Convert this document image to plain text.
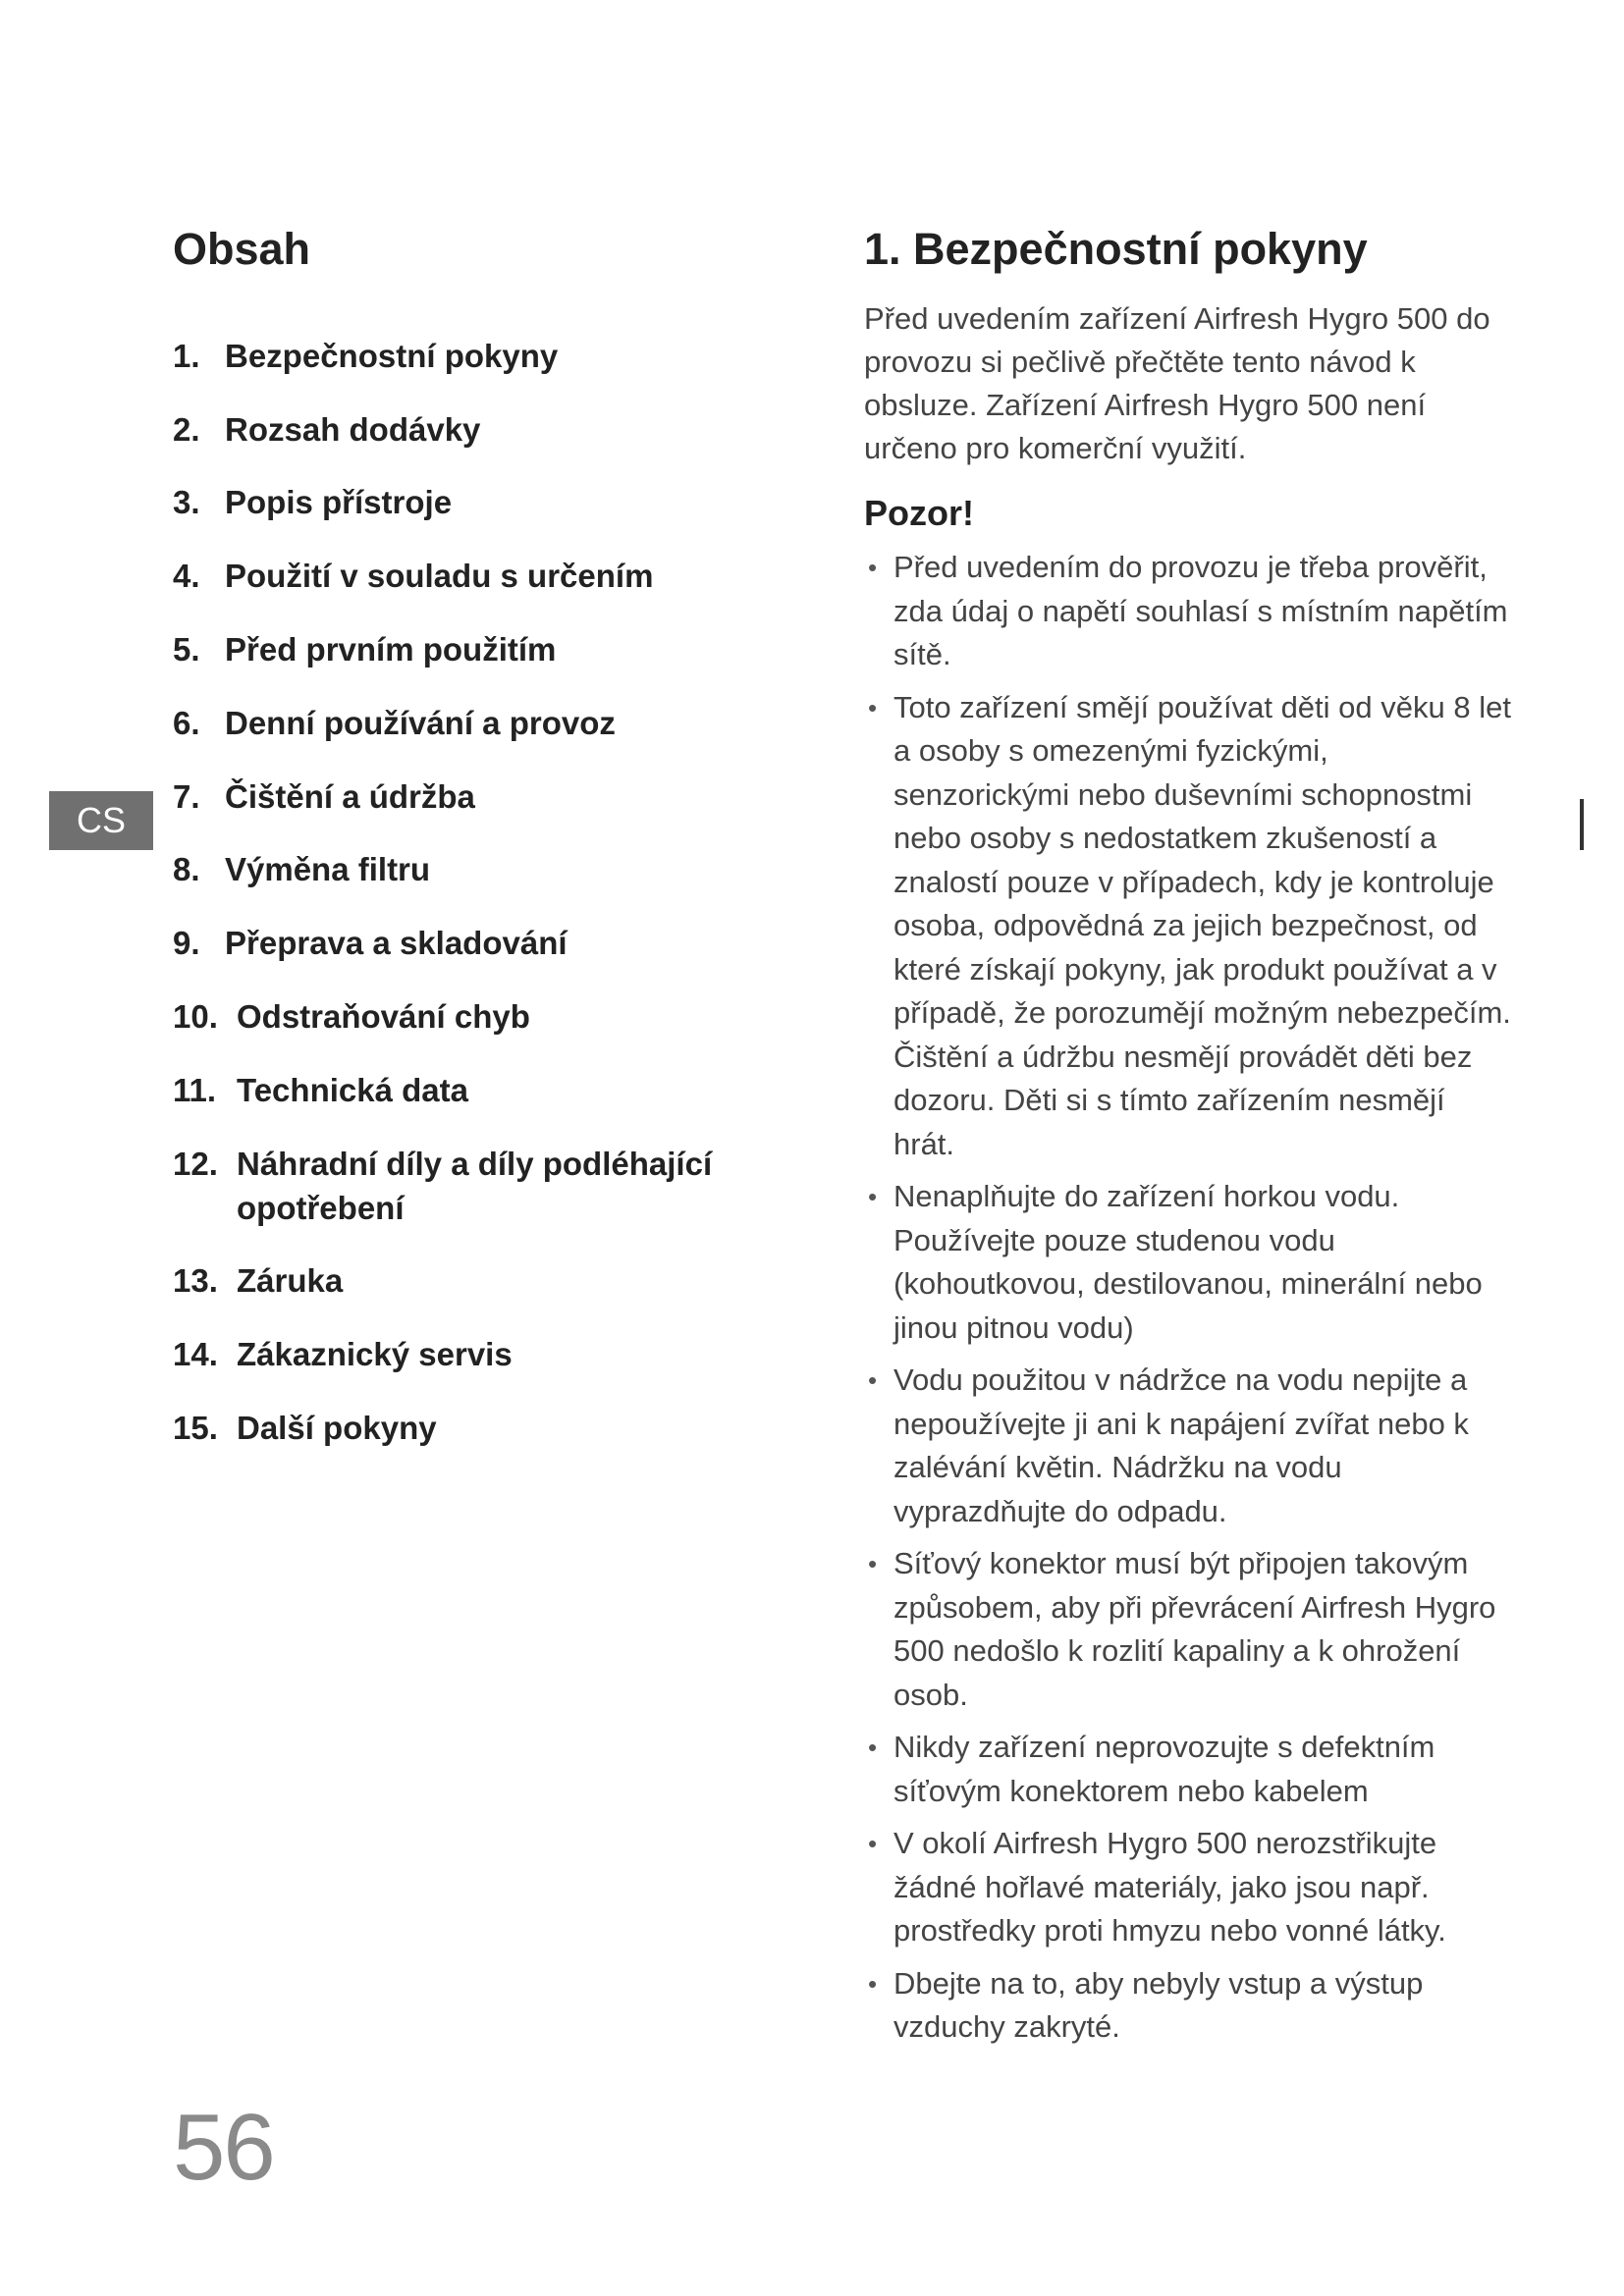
Obsah
1. Bezpečnostní pokyny
2. Rozsah dodávky
3. Popis přístroje
4. Použití v souladu s určením
5. Před prvním použitím
6. Denní používání a provoz
7. Čištění a údržba
8. Výměna filtru
9. Přeprava a skladování
10. Odstraňování chyb
11. Technická data
12. Náhradní díly a díly podléhající opotřebení
13. Záruka
14. Zákaznický servis
15. Další pokyny
CS
1. Bezpečnostní pokyny

Před uvedením zařízení Airfresh Hygro 500 do provozu si pečlivě přečtěte tento návod k obsluze. Zařízení Airfresh Hygro 500 není určeno pro komerční využití.

Pozor!
• Před uvedením do provozu je třeba prověřit, zda údaj o napětí souhlasí s místním napětím sítě.
• Toto zařízení smějí používat děti od věku 8 let a osoby s omezenými fyzickými, senzorickými nebo duševními schopnostmi nebo osoby s nedostatkem zkušeností a znalostí pouze v případech, kdy je kontroluje osoba, odpovědná za jejich bezpečnost, od které získají pokyny, jak produkt používat a v případě, že porozumějí možným nebezpečím. Čištění a údržbu nesmějí provádět děti bez dozoru. Děti si s tímto zařízením nesmějí hrát.
• Nenaplňujte do zařízení horkou vodu. Používejte pouze studenou vodu (kohoutkovou, destilovanou, minerální nebo jinou pitnou vodu)
• Vodu použitou v nádržce na vodu nepijte a nepoužívejte ji ani k napájení zvířat nebo k zalévání květin. Nádržku na vodu vyprazdňujte do odpadu.
• Síťový konektor musí být připojen takovým způsobem, aby při převrácení Airfresh Hygro 500 nedošlo k rozlití kapaliny a k ohrožení osob.
• Nikdy zařízení neprovozujte s defektním síťovým konektorem nebo kabelem
• V okolí Airfresh Hygro 500 nerozstřikujte žádné hořlavé materiály, jako jsou např. prostředky proti hmyzu nebo vonné látky.
• Dbejte na to, aby nebyly vstup a výstup vzduchy zakryté.
56
